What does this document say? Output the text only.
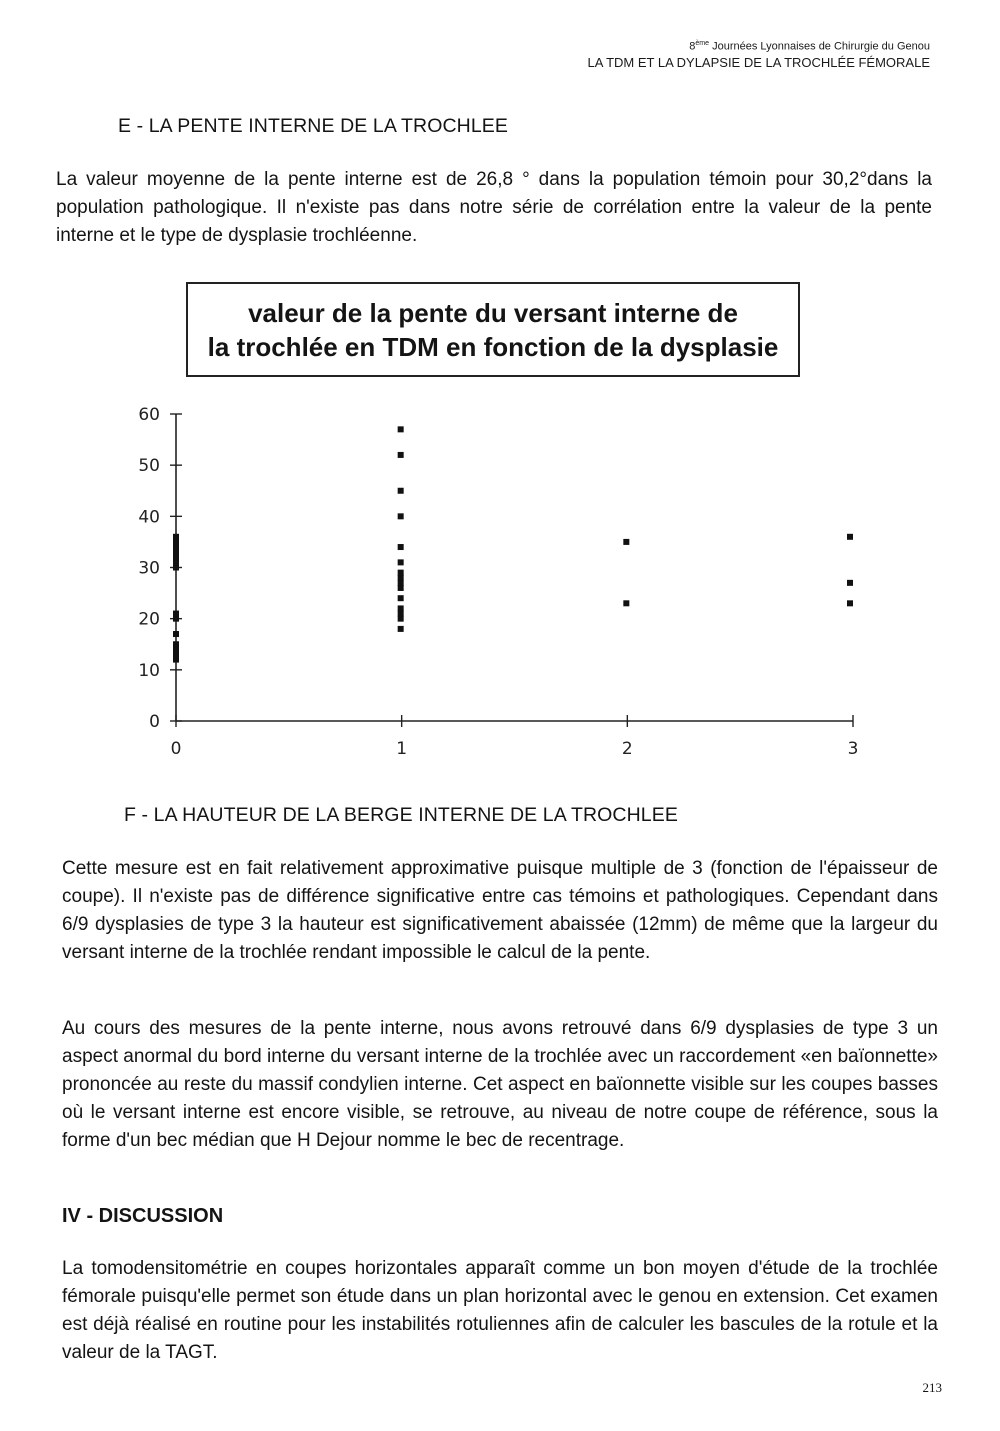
8ème Journées Lyonnaises de Chirurgie du Genou
LA TDM ET LA DYLAPSIE DE LA TROCHLÉE FÉMORALE
E - LA PENTE INTERNE DE LA TROCHLEE
La valeur moyenne de la pente interne est de 26,8 ° dans la population témoin pour 30,2°dans la population pathologique. Il n'existe pas dans notre série de corrélation entre la valeur de la pente interne et le type de dysplasie trochléenne.
valeur de la pente du versant interne de
la trochlée en TDM en fonction de la dysplasie
0
10
20
30
40
50
60
0	1	2	3
F - LA HAUTEUR DE LA BERGE INTERNE DE LA TROCHLEE
Cette mesure est en fait relativement approximative puisque multiple de 3 (fonction de l'épaisseur de coupe). Il n'existe pas de différence significative entre cas témoins et pathologiques. Cependant dans 6/9 dysplasies de type 3 la hauteur est significativement abaissée (12mm) de même que la largeur du versant interne de la trochlée rendant impossible le calcul de la pente.
Au cours des mesures de la pente interne, nous avons retrouvé dans 6/9 dysplasies de type 3 un aspect anormal du bord interne du versant interne de la trochlée avec un raccordement «en baïonnette» prononcée au reste du massif condylien interne. Cet aspect en baïonnette visible sur les coupes basses où le versant interne est encore visible, se retrouve, au niveau de notre coupe de référence, sous la forme d'un bec médian que H Dejour nomme le bec de recentrage.
IV - DISCUSSION
La tomodensitométrie en coupes horizontales apparaît comme un bon moyen d'étude de la trochlée fémorale puisqu'elle permet son étude dans un plan horizontal avec le genou en extension. Cet examen est déjà réalisé en routine pour les instabilités rotuliennes afin de calculer les bascules de la rotule et la valeur de la TAGT.
213
